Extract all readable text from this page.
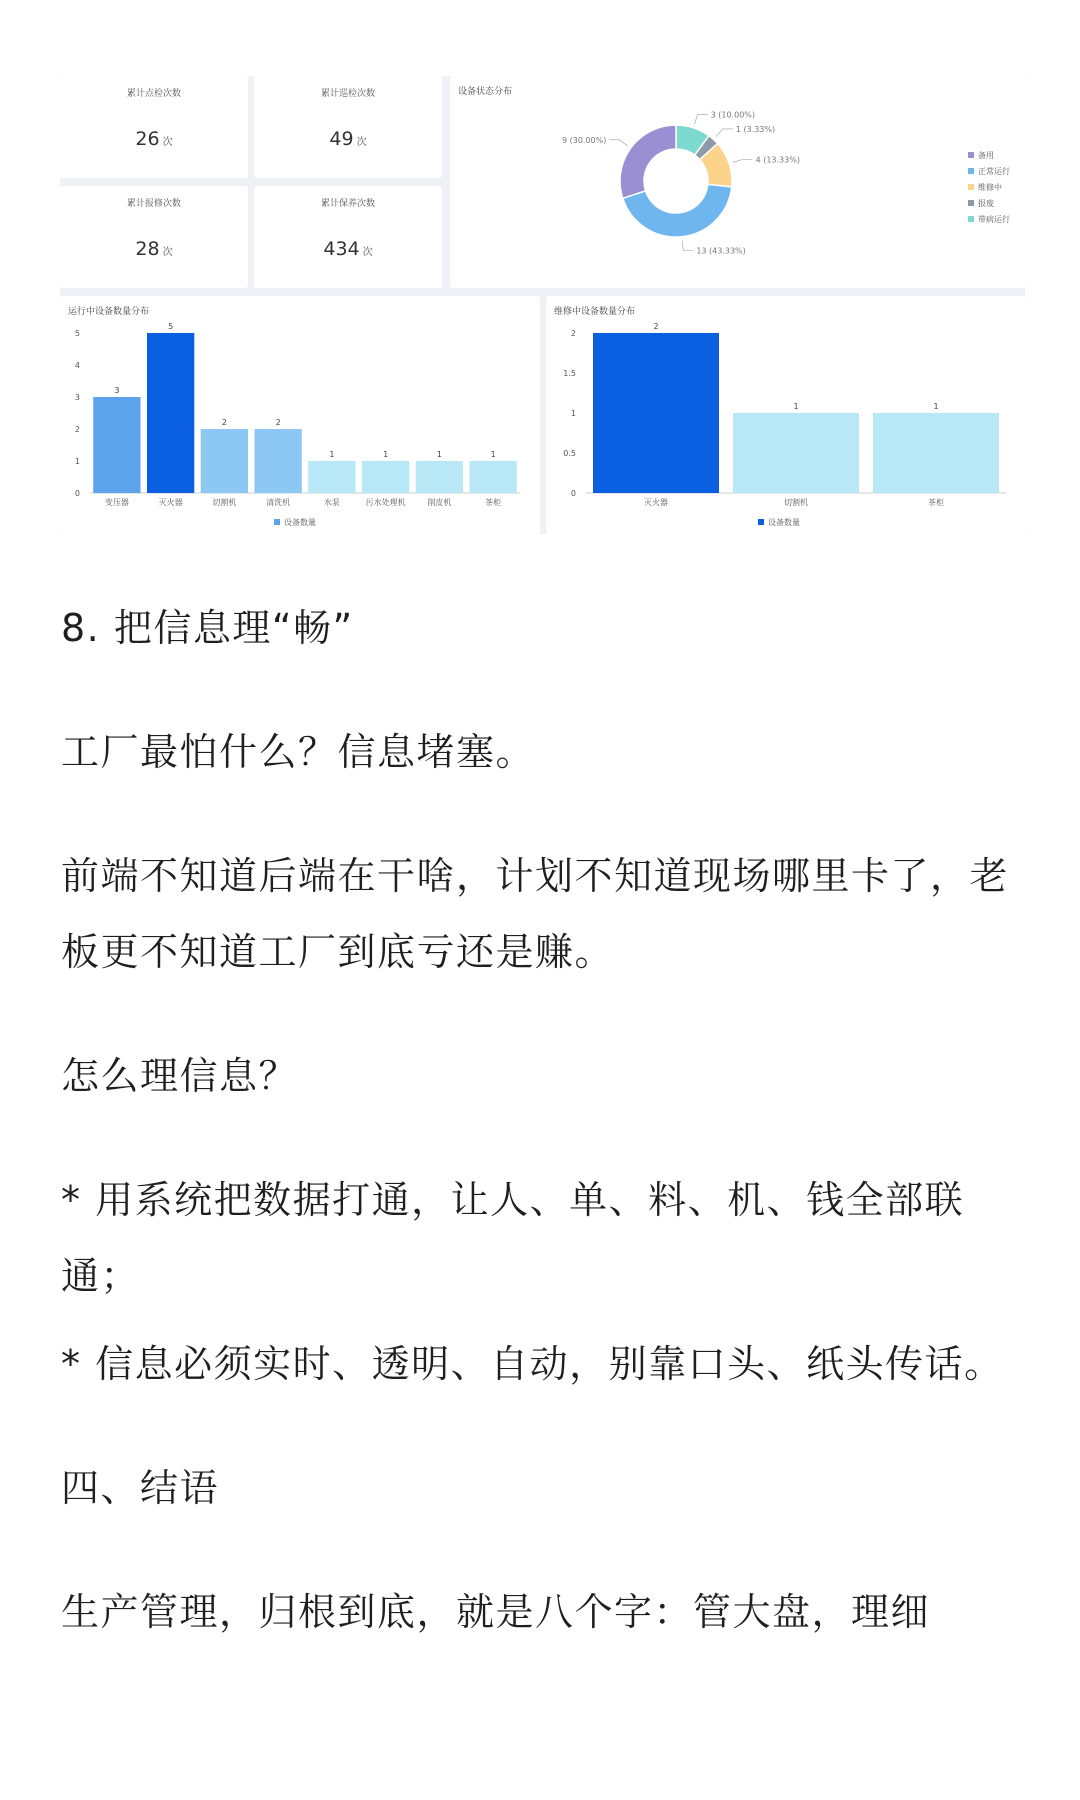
累计点检次数
26 次
累计巡检次数
49 次
累计报修次数
28 次
累计保养次数
434 次
设备状态分布
3 (10.00%)
1 (3.33%)
4 (13.33%)
13 (43.33%)
9 (30.00%)
备用
正常运行
维修中
报废
带病运行
运行中设备数量分布
0
1
2
3
4
5
3
变压器
5
灭火器
2
切割机
2
清洗机
1
水泵
1
污水处理机
1
削皮机
1
茶柜
设备数量
维修中设备数量分布
0
0.5
1
1.5
2
2
灭火器
1
切割机
1
茶柜
设备数量

8. 把信息理“畅”

工厂最怕什么？信息堵塞。

前端不知道后端在干啥，计划不知道现场哪里卡了，老板更不知道工厂到底亏还是赚。

怎么理信息？

* 用系统把数据打通，让人、单、料、机、钱全部联通；

* 信息必须实时、透明、自动，别靠口头、纸头传话。

四、结语

生产管理，归根到底，就是八个字：管大盘，理细
